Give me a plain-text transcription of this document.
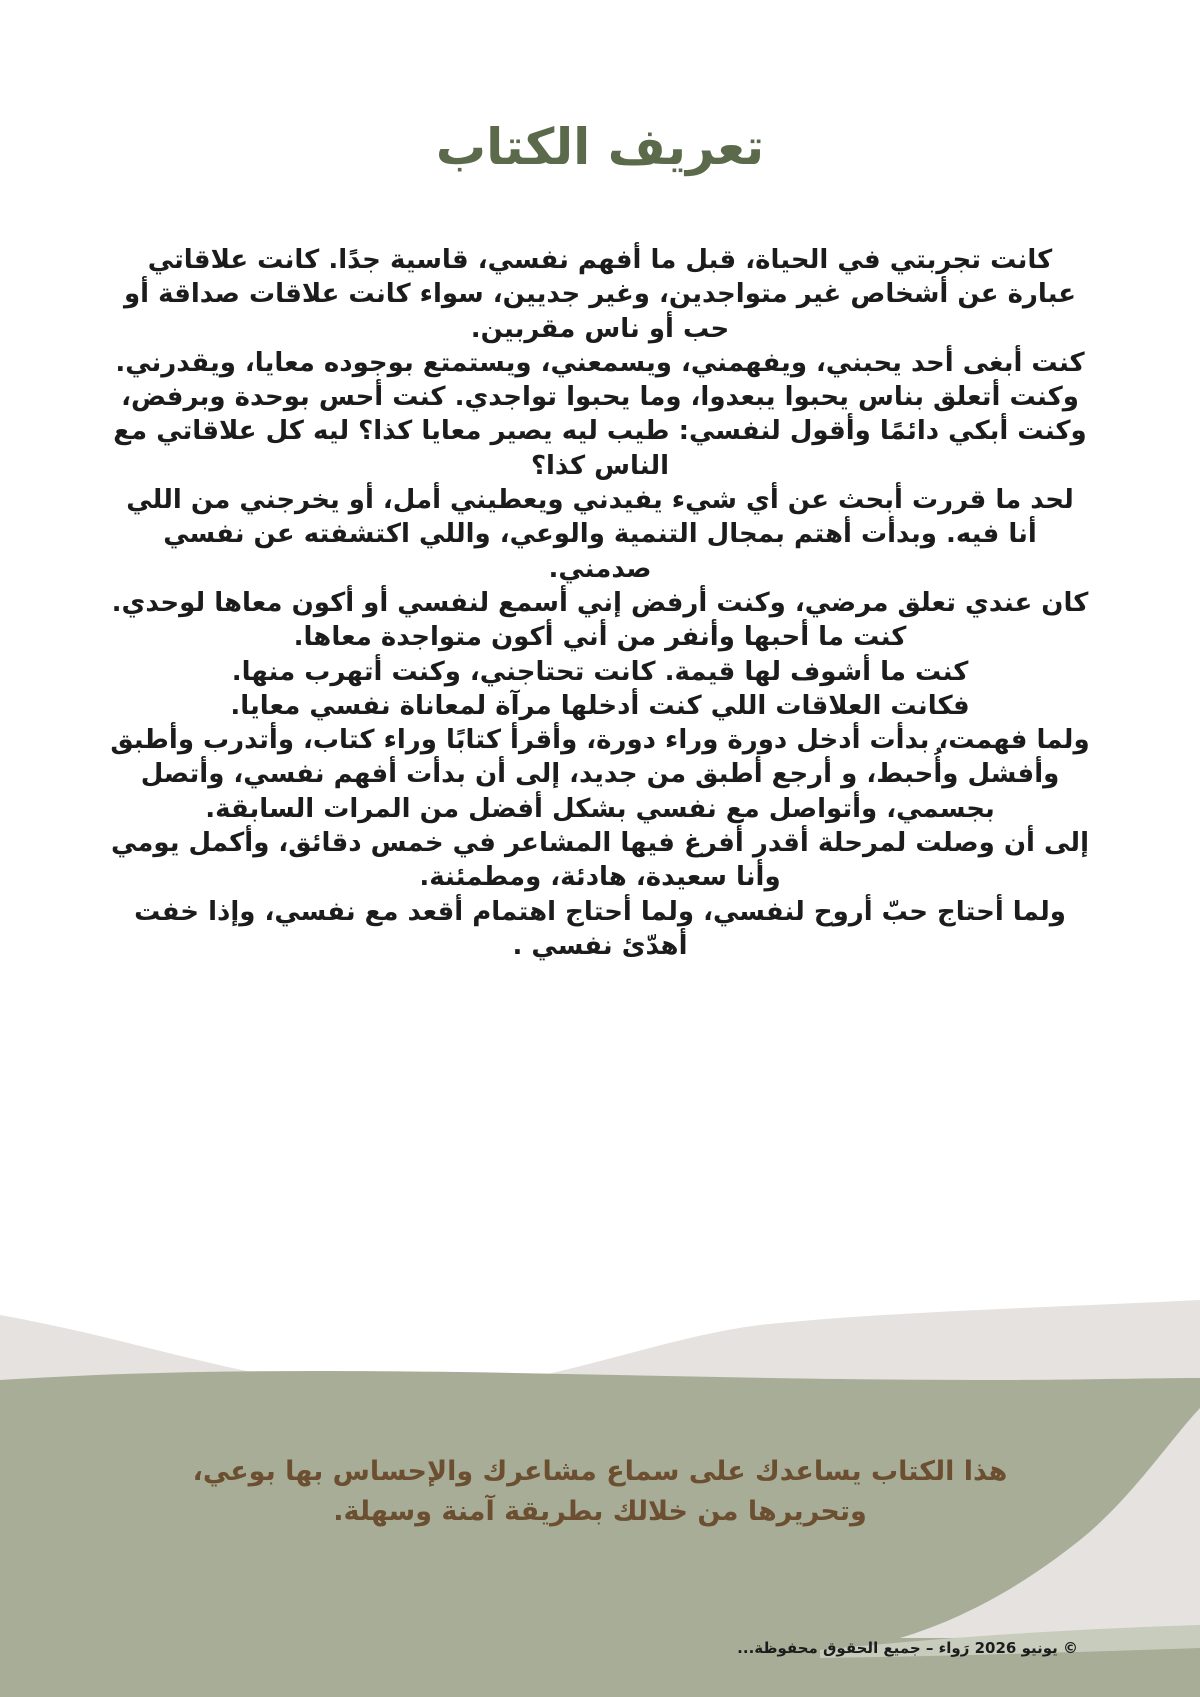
تعريف الكتاب

كانت تجربتي في الحياة، قبل ما أفهم نفسي، قاسية جدًا. كانت علاقاتي عبارة عن أشخاص غير متواجدين، وغير جديين، سواء كانت علاقات صداقة أو حب أو ناس مقربين.

كنت أبغى أحد يحبني، ويفهمني، ويسمعني، ويستمتع بوجوده معايا، ويقدرني. وكنت أتعلق بناس يحبوا يبعدوا، وما يحبوا تواجدي. كنت أحس بوحدة وبرفض، وكنت أبكي دائمًا وأقول لنفسي: طيب ليه يصير معايا كذا؟ ليه كل علاقاتي مع الناس كذا؟

لحد ما قررت أبحث عن أي شيء يفيدني ويعطيني أمل، أو يخرجني من اللي أنا فيه. وبدأت أهتم بمجال التنمية والوعي، واللي اكتشفته عن نفسي صدمني.

كان عندي تعلق مرضي، وكنت أرفض إني أسمع لنفسي أو أكون معاها لوحدي. كنت ما أحبها وأنفر من أني أكون متواجدة معاها.

كنت ما أشوف لها قيمة. كانت تحتاجني، وكنت أتهرب منها.

فكانت العلاقات اللي كنت أدخلها مرآة لمعاناة نفسي معايا.

ولما فهمت، بدأت أدخل دورة وراء دورة، وأقرأ كتابًا وراء كتاب، وأتدرب وأطبق وأفشل وأُحبط، و أرجع أطبق من جديد، إلى أن بدأت أفهم نفسي، وأتصل بجسمي، وأتواصل مع نفسي بشكل أفضل من المرات السابقة.

إلى أن وصلت لمرحلة أقدر أفرغ فيها المشاعر في خمس دقائق، وأكمل يومي وأنا سعيدة، هادئة، ومطمئنة.

ولما أحتاج حبّ أروح لنفسي، ولما أحتاج اهتمام أقعد مع نفسي، وإذا خفت أهدّئ نفسي .

هذا الكتاب يساعدك على سماع مشاعرك والإحساس بها بوعي،

وتحريرها من خلالك بطريقة آمنة وسهلة.

© يونيو 2026 رَواء – جميع الحقوق محفوظة...
